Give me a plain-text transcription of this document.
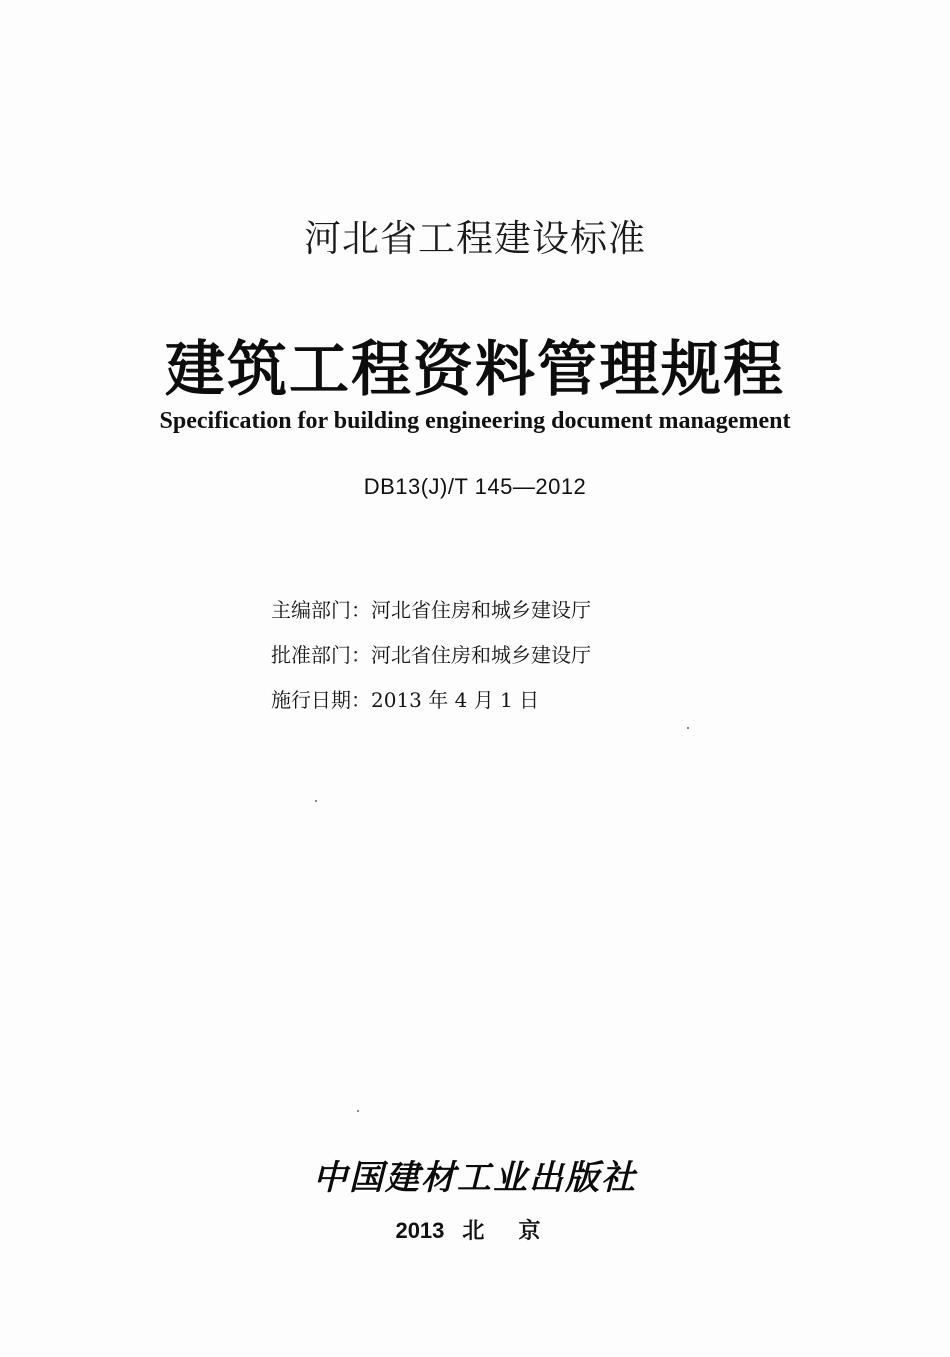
河北省工程建设标准
建筑工程资料管理规程
Specification for building engineering document management
DB13(J)/T 145—2012
主编部门：河北省住房和城乡建设厅
批准部门：河北省住房和城乡建设厅
施行日期：2013 年 4 月 1 日
中国建材工业出版社
2013 北 京
